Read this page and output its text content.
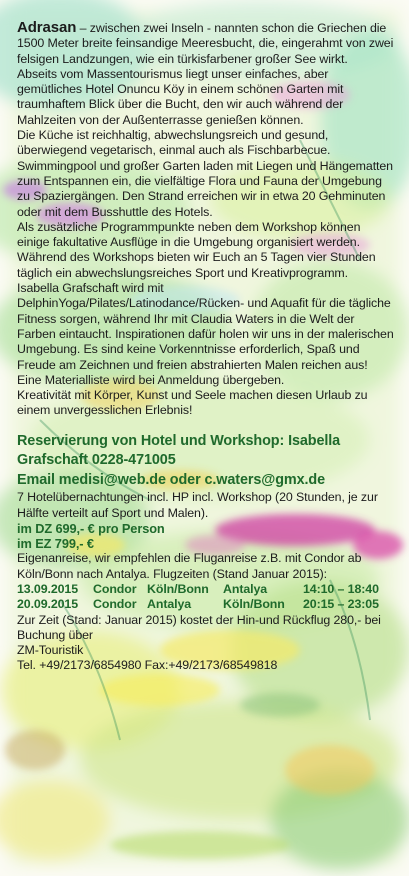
Adrasan – zwischen zwei Inseln - nannten schon die Griechen die 1500 Meter breite feinsandige Meeresbucht, die, eingerahmt von zwei felsigen Landzungen, wie ein türkisfarbener großer See wirkt.

Abseits vom Massentourismus liegt unser einfaches, aber gemütliches Hotel Onuncu Köy in einem schönen Garten mit traumhaftem Blick über die Bucht, den wir auch während der Mahlzeiten von der Außenterrasse genießen können.

Die Küche ist reichhaltig, abwechslungsreich und gesund, überwiegend vegetarisch, einmal auch als Fischbarbecue.

Swimmingpool und großer Garten laden mit Liegen und Hängematten zum Entspannen ein, die vielfältige Flora und Fauna der Umgebung zu Spaziergängen. Den Strand erreichen wir in etwa 20 Gehminuten oder mit dem Busshuttle des Hotels.

Als zusätzliche Programmpunkte neben dem Workshop können einige fakultative Ausflüge in die Umgebung organisiert werden. Während des Workshops bieten wir Euch an 5 Tagen vier Stunden täglich ein abwechslungsreiches Sport und Kreativprogramm.

Isabella Grafschaft wird mit DelphinYoga/Pilates/Latinodance/Rücken- und Aquafit für die tägliche Fitness sorgen, während Ihr mit Claudia Waters in die Welt der Farben eintaucht. Inspirationen dafür holen wir uns in der malerischen Umgebung. Es sind keine Vorkenntnisse erforderlich, Spaß und Freude am Zeichnen und freien abstrahierten Malen reichen aus! Eine Materialliste wird bei Anmeldung übergeben.

Kreativität mit Körper, Kunst und Seele machen diesen Urlaub zu einem unvergesslichen Erlebnis!

Reservierung von Hotel und Workshop: Isabella Grafschaft 0228-471005

Email medisi@web.de oder c.waters@gmx.de

7 Hotelübernachtungen incl. HP incl. Workshop (20 Stunden, je zur Hälfte verteilt auf Sport und Malen).

im DZ 699,- € pro Person

im EZ 799,- €

Eigenanreise, wir empfehlen die Fluganreise z.B. mit Condor ab Köln/Bonn nach Antalya. Flugzeiten (Stand Januar 2015):

13.09.2015	Condor Köln/Bonn	Antalya	14:10 – 18:40
20.09.2015	Condor Antalya	Köln/Bonn	20:15 – 23:05

Zur Zeit (Stand: Januar 2015) kostet der Hin-und Rückflug 280,- bei Buchung über

ZM-Touristik

Tel. +49/2173/6854980 Fax:+49/2173/68549818
